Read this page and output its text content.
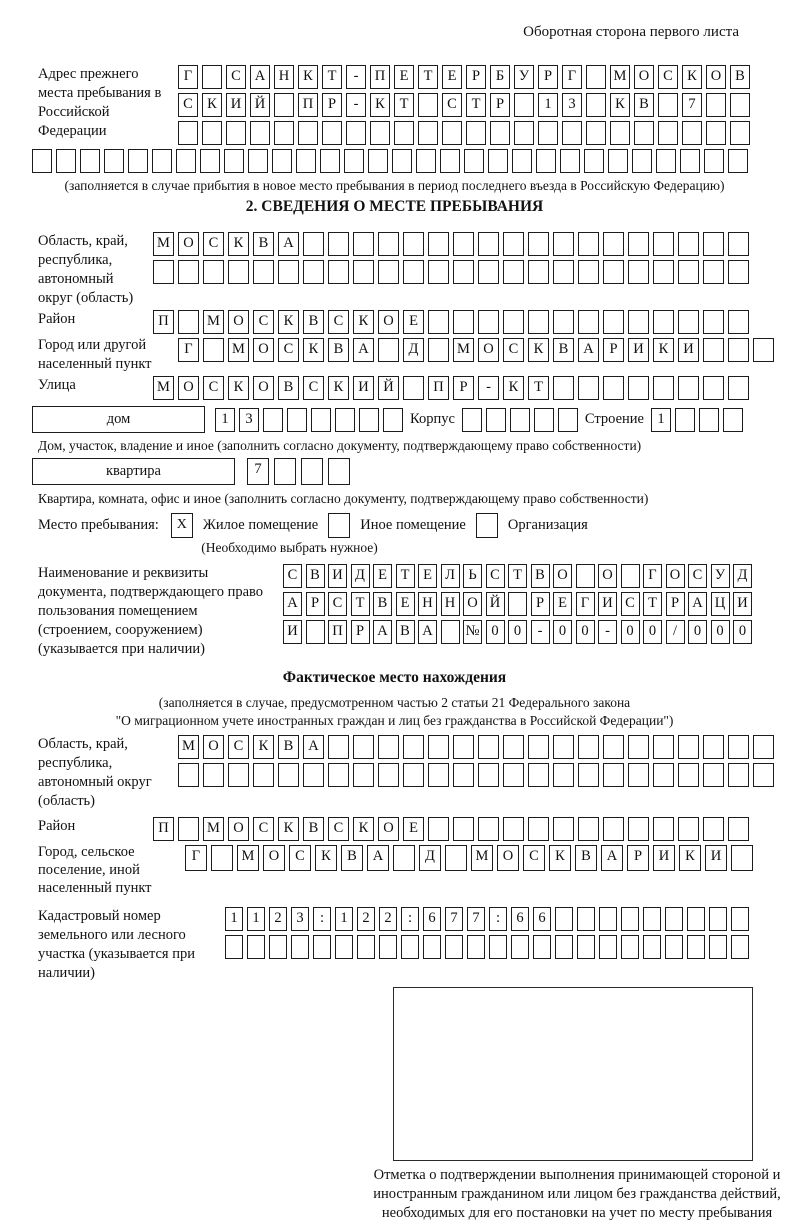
Оборотная сторона первого листа
Адрес прежнего места пребывания в Российской Федерации
Г	С А Н К	Т	-	П Е	Т	Е	Р	Б	У	Р	Г	М О С К О В
С К И Й	П	Р	-	К	Т	С	Т	Р	1	3	К В	7
(заполняется в случае прибытия в новое место пребывания в период последнего въезда в Российскую Федерацию)
2. СВЕДЕНИЯ О МЕСТЕ ПРЕБЫВАНИЯ
Область, край, республика, автономный округ (область)
М О	С	К	В	А
Район	П	М О	С	К	В	С	К	О	Е
Город или другой населенный пункт
Г	М О	С	К	В	А	Д	М О	С	К	В	А	Р	И	К	И
Улица	М О	С	К	О	В	С	К	И	Й	П	Р	-	К	Т
дом	1	3	Корпус	Строение 1
Дом, участок, владение и иное (заполнить согласно документу, подтверждающему право собственности)
квартира	7
Квартира, комната, офис и иное (заполнить согласно документу, подтверждающему право собственности)
Место пребывания:	X	Жилое помещение	Иное помещение	Организация
(Необходимо выбрать нужное)
Наименование и реквизиты документа, подтверждающего право пользования помещением (строением, сооружением) (указывается при наличии)
С В И Д Е Т Е Л Ь С Т В О О	Г О С У Д
А Р С Т В Е Н Н О Й	Р Е Г И С Т Р А Ц И
И П Р А В А № 0	0	-	0	0	-	0	0	/	0	0	0
Фактическое место нахождения
(заполняется в случае, предусмотренном частью 2 статьи 21 Федерального закона
"О миграционном учете иностранных граждан и лиц без гражданства в Российской Федерации")
Область, край, республика, автономный округ (область)
М О	С	К	В	А
Район	П	М О	С	К	В	С	К	О	Е
Город, сельское поселение, иной населенный пункт
Г	М О	С	К	В	А	Д	М О	С	К	В	А	Р	И	К	И
Кадастровый номер земельного или лесного участка (указывается при наличии)
1	1	2	3	:	1	2	2	:	6	7	7	:	6	6
Отметка о подтверждении выполнения принимающей стороной и иностранным гражданином или лицом без гражданства действий, необходимых для его постановки на учет по месту пребывания
